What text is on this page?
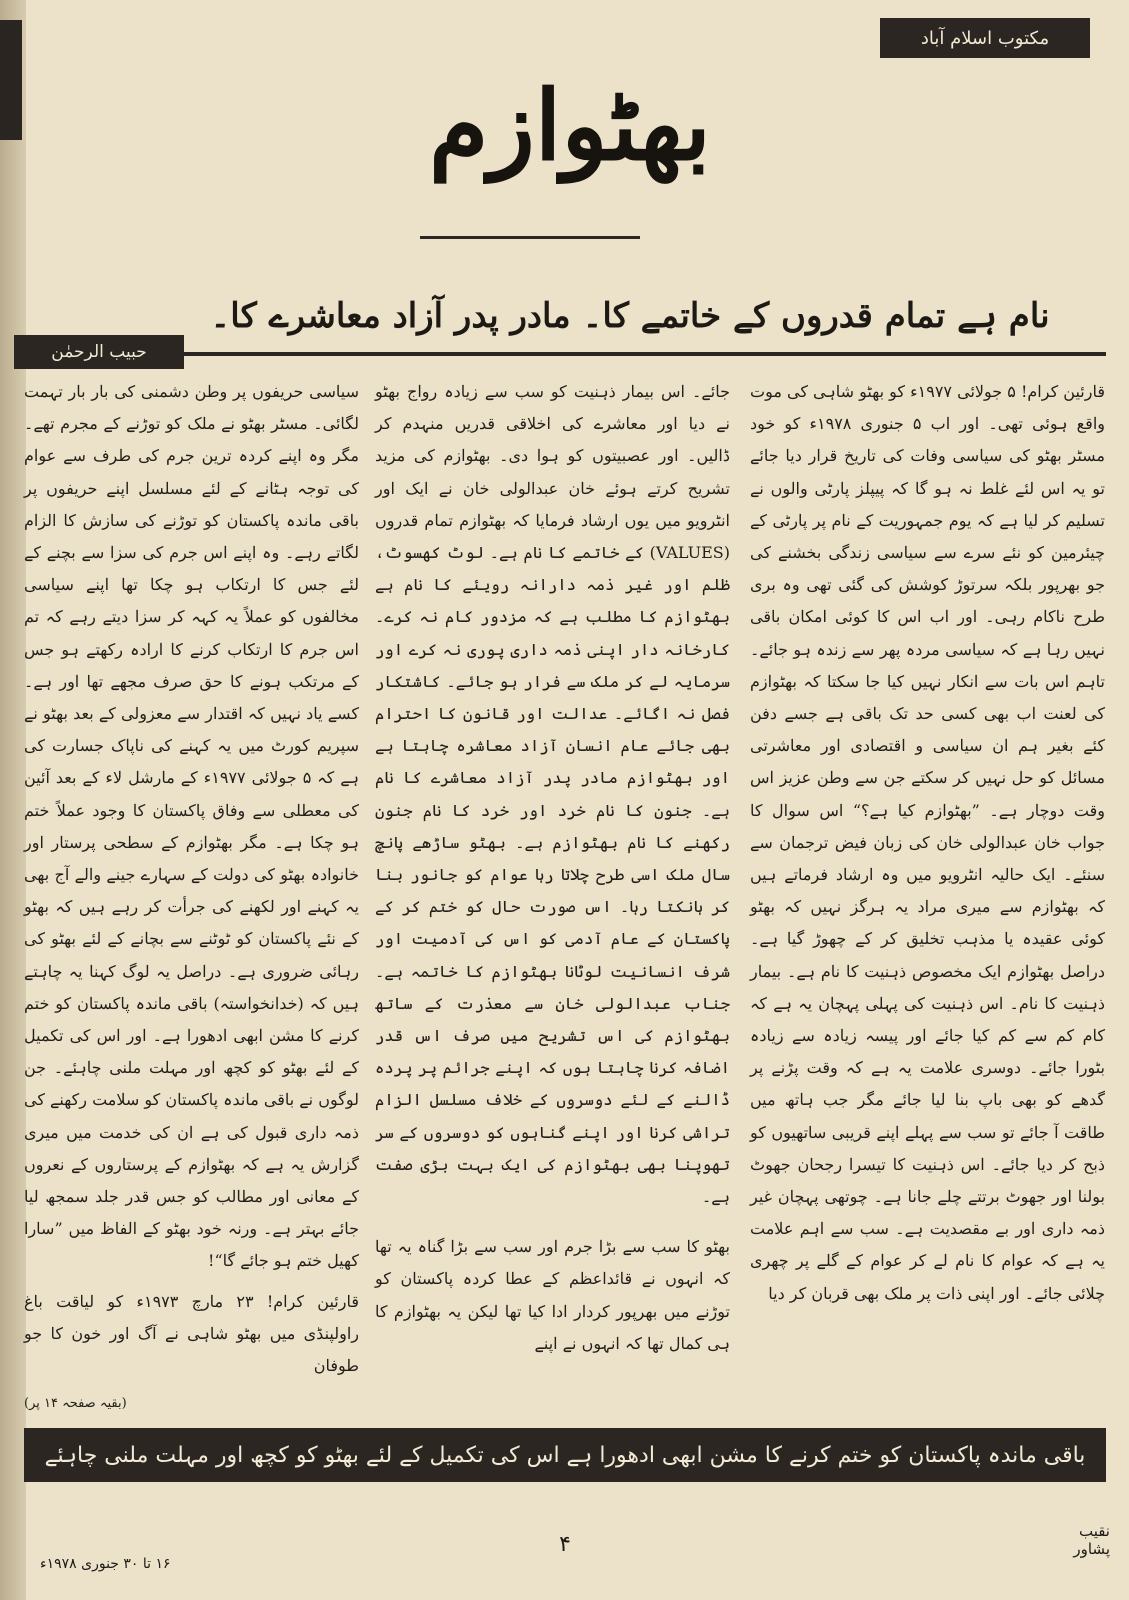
مکتوب اسلام آباد
بھٹوازم
نام ہے تمام قدروں کے خاتمے کا۔ مادر پدر آزاد معاشرے کا۔
حبیب الرحمٰن

قارئین کرام! ۵ جولائی ۱۹۷۷ء کو بھٹو شاہی کی موت واقع ہوئی تھی۔ اور اب ۵ جنوری ۱۹۷۸ء کو خود مسٹر بھٹو کی سیاسی وفات کی تاریخ قرار دیا جائے تو یہ اس لئے غلط نہ ہو گا کہ پیپلز پارٹی والوں نے تسلیم کر لیا ہے کہ یوم جمہوریت کے نام پر پارٹی کے چیئرمین کو نئے سرے سے سیاسی زندگی بخشنے کی جو بھرپور بلکہ سرتوڑ کوشش کی گئی تھی وہ بری طرح ناکام رہی۔ اور اب اس کا کوئی امکان باقی نہیں رہا ہے کہ سیاسی مردہ پھر سے زندہ ہو جائے۔ تاہم اس بات سے انکار نہیں کیا جا سکتا کہ بھٹوازم کی لعنت اب بھی کسی حد تک باقی ہے جسے دفن کئے بغیر ہم ان سیاسی و اقتصادی اور معاشرتی مسائل کو حل نہیں کر سکتے جن سے وطن عزیز اس وقت دوچار ہے۔ ”بھٹوازم کیا ہے؟“ اس سوال کا جواب خان عبدالولی خان کی زبان فیض ترجمان سے سنئے۔ ایک حالیہ انٹرویو میں وہ ارشاد فرماتے ہیں کہ بھٹوازم سے میری مراد یہ ہرگز نہیں کہ بھٹو کوئی عقیدہ یا مذہب تخلیق کر کے چھوڑ گیا ہے۔ دراصل بھٹوازم ایک مخصوص ذہنیت کا نام ہے۔ بیمار ذہنیت کا نام۔ اس ذہنیت کی پہلی پہچان یہ ہے کہ کام کم سے کم کیا جائے اور پیسہ زیادہ سے زیادہ بٹورا جائے۔ دوسری علامت یہ ہے کہ وقت پڑنے پر گدھے کو بھی باپ بنا لیا جائے مگر جب ہاتھ میں طاقت آ جائے تو سب سے پہلے اپنے قریبی ساتھیوں کو ذبح کر دیا جائے۔ اس ذہنیت کا تیسرا رجحان جھوٹ بولنا اور جھوٹ برتتے چلے جانا ہے۔ چوتھی پہچان غیر ذمہ داری اور بے مقصدیت ہے۔ سب سے اہم علامت یہ ہے کہ عوام کا نام لے کر عوام کے گلے پر چھری چلائی جائے۔ اور اپنی ذات پر ملک بھی قربان کر دیا

جائے۔ اس بیمار ذہنیت کو سب سے زیادہ رواج بھٹو نے دیا اور معاشرے کی اخلاقی قدریں منہدم کر ڈالیں۔ اور عصبیتوں کو ہوا دی۔ بھٹوازم کی مزید تشریح کرتے ہوئے خان عبدالولی خان نے ایک اور انٹرویو میں یوں ارشاد فرمایا کہ بھٹوازم تمام قدروں (VALUES) کے خاتمے کا نام ہے۔ لوٹ کھسوٹ، ظلم اور غیر ذمہ دارانہ رویئے کا نام ہے بھٹوازم کا مطلب ہے کہ مزدور کام نہ کرے۔ کارخانہ دار اپنی ذمہ داری پوری نہ کرے اور سرمایہ لے کر ملک سے فرار ہو جائے۔ کاشتکار فصل نہ اگائے۔ عدالت اور قانون کا احترام بھی جائے عام انسان آزاد معاشرہ چاہتا ہے اور بھٹوازم مادر پدر آزاد معاشرے کا نام ہے۔ جنون کا نام خرد اور خرد کا نام جنون رکھنے کا نام بھٹوازم ہے۔ بھٹو ساڑھے پانچ سال ملک اسی طرح چلاتا رہا عوام کو جانور بنا کر ہانکتا رہا۔ اس صورت حال کو ختم کر کے پاکستان کے عام آدمی کو اس کی آدمیت اور شرف انسانیت لوٹانا بھٹوازم کا خاتمہ ہے۔ جناب عبدالولی خان سے معذرت کے ساتھ بھٹوازم کی اس تشریح میں صرف اس قدر اضافہ کرنا چاہتا ہوں کہ اپنے جرائم پر پردہ ڈالنے کے لئے دوسروں کے خلاف مسلسل الزام تراشی کرنا اور اپنے گناہوں کو دوسروں کے سر تھوپنا بھی بھٹوازم کی ایک بہت بڑی صفت ہے۔

بھٹو کا سب سے بڑا جرم اور سب سے بڑا گناہ یہ تھا کہ انہوں نے قائداعظم کے عطا کردہ پاکستان کو توڑنے میں بھرپور کردار ادا کیا تھا لیکن یہ بھٹوازم کا ہی کمال تھا کہ انہوں نے اپنے

سیاسی حریفوں پر وطن دشمنی کی بار بار تہمت لگائی۔ مسٹر بھٹو نے ملک کو توڑنے کے مجرم تھے۔ مگر وہ اپنے کردہ ترین جرم کی طرف سے عوام کی توجہ ہٹانے کے لئے مسلسل اپنے حریفوں پر باقی ماندہ پاکستان کو توڑنے کی سازش کا الزام لگاتے رہے۔ وہ اپنے اس جرم کی سزا سے بچنے کے لئے جس کا ارتکاب ہو چکا تھا اپنے سیاسی مخالفوں کو عملاً یہ کہہ کر سزا دیتے رہے کہ تم اس جرم کا ارتکاب کرنے کا ارادہ رکھتے ہو جس کے مرتکب ہونے کا حق صرف مجھے تھا اور ہے۔ کسے یاد نہیں کہ اقتدار سے معزولی کے بعد بھٹو نے سپریم کورٹ میں یہ کہنے کی ناپاک جسارت کی ہے کہ ۵ جولائی ۱۹۷۷ء کے مارشل لاء کے بعد آئین کی معطلی سے وفاق پاکستان کا وجود عملاً ختم ہو چکا ہے۔ مگر بھٹوازم کے سطحی پرستار اور خانوادہ بھٹو کی دولت کے سہارے جینے والے آج بھی یہ کہنے اور لکھنے کی جرأت کر رہے ہیں کہ بھٹو کے نئے پاکستان کو ٹوٹنے سے بچانے کے لئے بھٹو کی رہائی ضروری ہے۔ دراصل یہ لوگ کہنا یہ چاہتے ہیں کہ (خدانخواستہ) باقی ماندہ پاکستان کو ختم کرنے کا مشن ابھی ادھورا ہے۔ اور اس کی تکمیل کے لئے بھٹو کو کچھ اور مہلت ملنی چاہئے۔ جن لوگوں نے باقی ماندہ پاکستان کو سلامت رکھنے کی ذمہ داری قبول کی ہے ان کی خدمت میں میری گزارش یہ ہے کہ بھٹوازم کے پرستاروں کے نعروں کے معانی اور مطالب کو جس قدر جلد سمجھ لیا جائے بہتر ہے۔ ورنہ خود بھٹو کے الفاظ میں ”سارا کھیل ختم ہو جائے گا“!

قارئین کرام! ۲۳ مارچ ۱۹۷۳ء کو لیاقت باغ راولپنڈی میں بھٹو شاہی نے آگ اور خون کا جو طوفان

(بقیہ صفحہ ۱۴ پر)

باقی ماندہ پاکستان کو ختم کرنے کا مشن ابھی ادھورا ہے اس کی تکمیل کے لئے بھٹو کو کچھ اور مہلت ملنی چاہئے
نقیب پشاور
۴
۱۶ تا ۳۰ جنوری ۱۹۷۸ء
